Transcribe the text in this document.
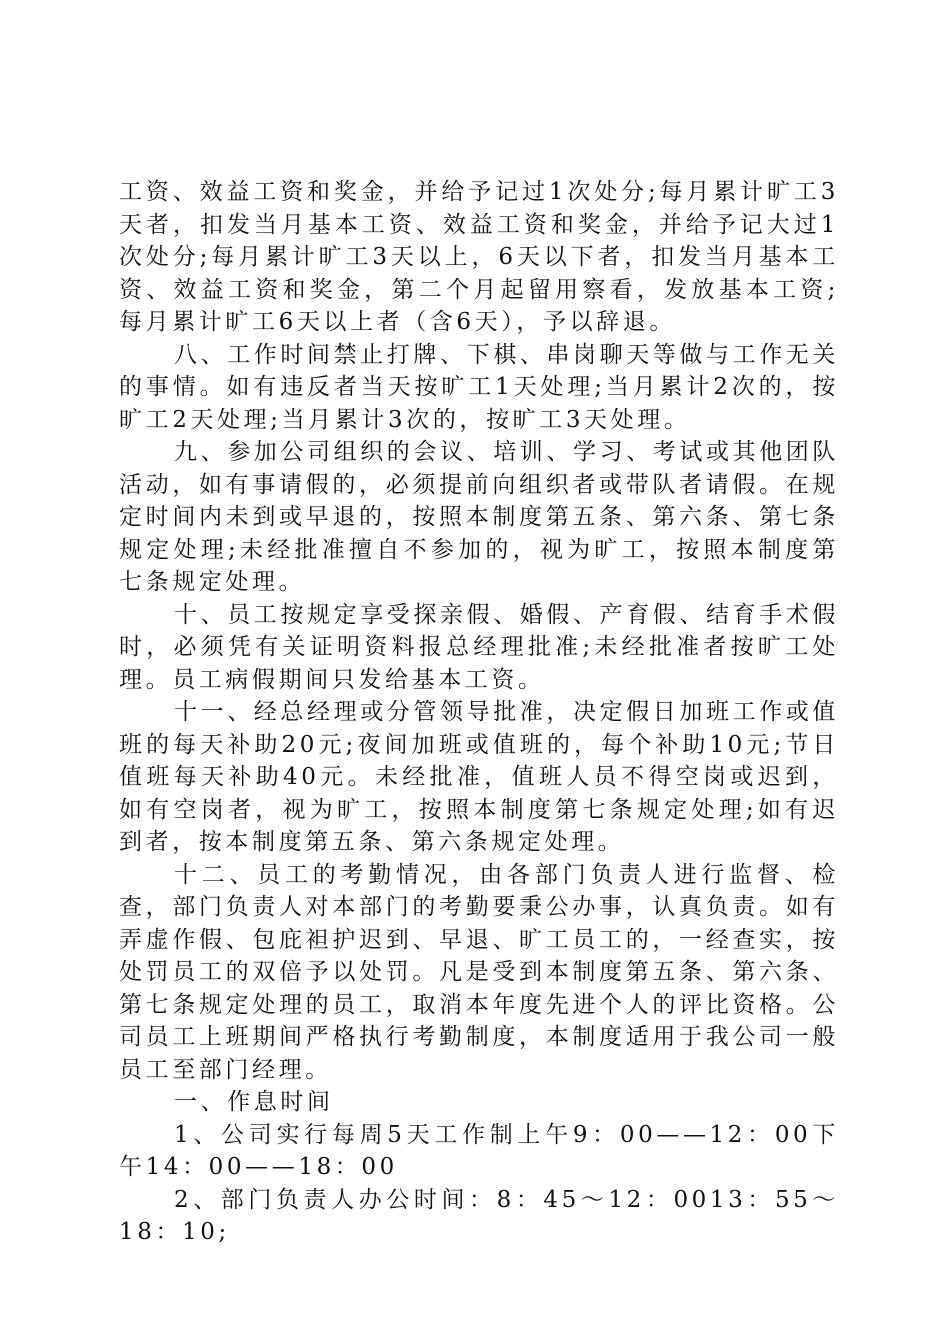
工资、效益工资和奖金，并给予记过1次处分;每月累计旷工3天者，扣发当月基本工资、效益工资和奖金，并给予记大过1次处分;每月累计旷工3天以上，6天以下者，扣发当月基本工资、效益工资和奖金，第二个月起留用察看，发放基本工资;每月累计旷工6天以上者（含6天），予以辞退。

八、工作时间禁止打牌、下棋、串岗聊天等做与工作无关的事情。如有违反者当天按旷工1天处理;当月累计2次的，按旷工2天处理;当月累计3次的，按旷工3天处理。

九、参加公司组织的会议、培训、学习、考试或其他团队活动，如有事请假的，必须提前向组织者或带队者请假。在规定时间内未到或早退的，按照本制度第五条、第六条、第七条规定处理;未经批准擅自不参加的，视为旷工，按照本制度第七条规定处理。

十、员工按规定享受探亲假、婚假、产育假、结育手术假时，必须凭有关证明资料报总经理批准;未经批准者按旷工处理。员工病假期间只发给基本工资。

十一、经总经理或分管领导批准，决定假日加班工作或值班的每天补助20元;夜间加班或值班的，每个补助10元;节日值班每天补助40元。未经批准，值班人员不得空岗或迟到，如有空岗者，视为旷工，按照本制度第七条规定处理;如有迟到者，按本制度第五条、第六条规定处理。

十二、员工的考勤情况，由各部门负责人进行监督、检查，部门负责人对本部门的考勤要秉公办事，认真负责。如有弄虚作假、包庇袒护迟到、早退、旷工员工的，一经查实，按处罚员工的双倍予以处罚。凡是受到本制度第五条、第六条、第七条规定处理的员工，取消本年度先进个人的评比资格。公司员工上班期间严格执行考勤制度，本制度适用于我公司一般员工至部门经理。

一、作息时间

1、公司实行每周5天工作制上午9：00——12：00下午14：00——18：00

2、部门负责人办公时间：8：45～12：0013：55～18：10;
